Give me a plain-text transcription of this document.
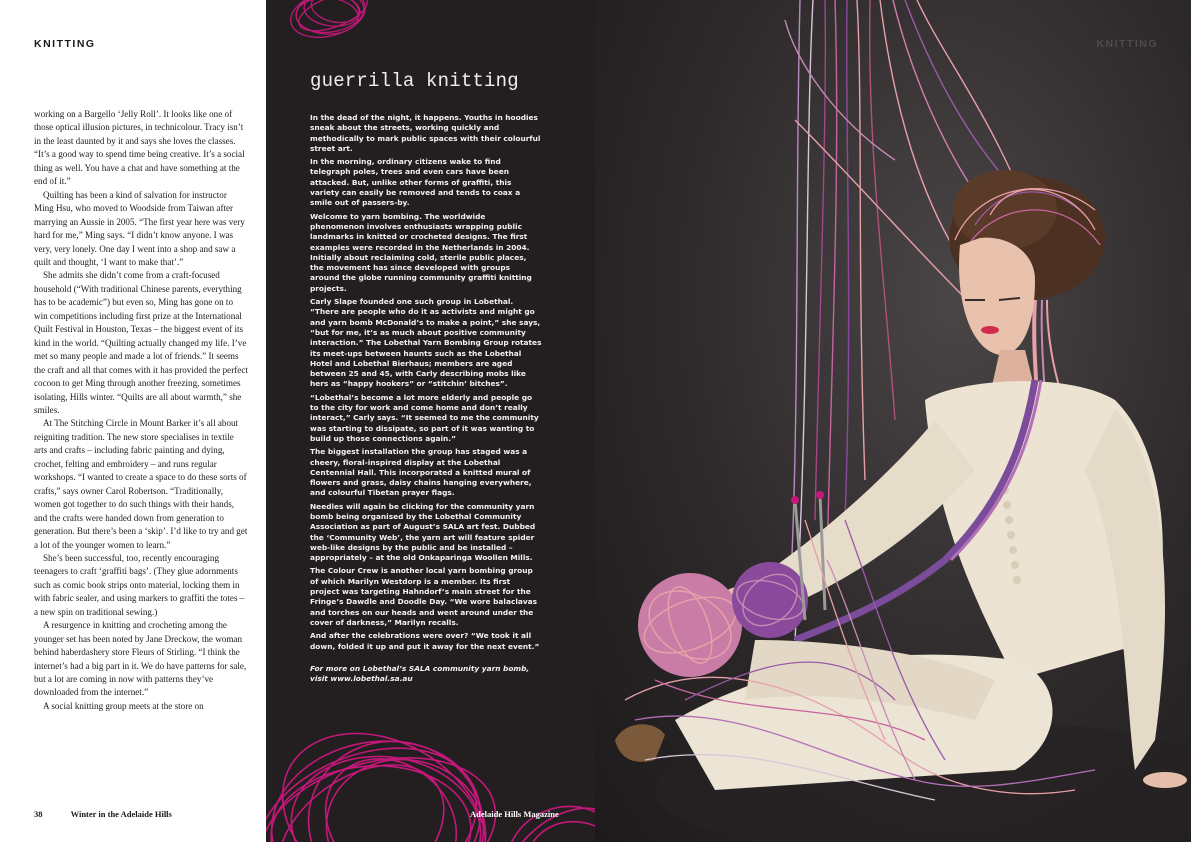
KNITTING

working on a Bargello ‘Jelly Roll’. It looks like one of those optical illusion pictures, in technicolour. Tracy isn’t in the least daunted by it and says she loves the classes. “It’s a good way to spend time being creative. It’s a social thing as well. You have a chat and have something at the end of it.”

Quilting has been a kind of salvation for instructor Ming Hsu, who moved to Woodside from Taiwan after marrying an Aussie in 2005. “The first year here was very hard for me,” Ming says. “I didn’t know anyone. I was very, very lonely. One day I went into a shop and saw a quilt and thought, ‘I want to make that’.”

She admits she didn’t come from a craft-focused household (“With traditional Chinese parents, everything has to be academic”) but even so, Ming has gone on to win competitions including first prize at the International Quilt Festival in Houston, Texas – the biggest event of its kind in the world. “Quilting actually changed my life. I’ve met so many people and made a lot of friends.” It seems the craft and all that comes with it has provided the perfect cocoon to get Ming through another freezing, sometimes isolating, Hills winter. “Quilts are all about warmth,” she smiles.

At The Stitching Circle in Mount Barker it’s all about reigniting tradition. The new store specialises in textile arts and crafts – including fabric painting and dying, crochet, felting and embroidery – and runs regular workshops. “I wanted to create a space to do these sorts of crafts,” says owner Carol Robertson. “Traditionally, women got together to do such things with their hands, and the crafts were handed down from generation to generation. But there’s been a ‘skip’. I’d like to try and get a lot of the younger women to learn.”

She’s been successful, too, recently encouraging teenagers to craft ‘graffiti bags’. (They glue adornments such as comic book strips onto material, locking them in with fabric sealer, and using markers to graffiti the totes – a new spin on traditional sewing.)

A resurgence in knitting and crocheting among the younger set has been noted by Jane Dreckow, the woman behind haberdashery store Fleurs of Stirling. “I think the internet’s had a big part in it. We do have patterns for sale, but a lot are coming in now with patterns they’ve downloaded from the internet.”

A social knitting group meets at the store on

38	Winter in the Adelaide Hills
guerrilla knitting

In the dead of the night, it happens. Youths in hoodies sneak about the streets, working quickly and methodically to mark public spaces with their colourful street art.

In the morning, ordinary citizens wake to find telegraph poles, trees and even cars have been attacked. But, unlike other forms of graffiti, this variety can easily be removed and tends to coax a smile out of passers-by.

Welcome to yarn bombing. The worldwide phenomenon involves enthusiasts wrapping public landmarks in knitted or crocheted designs. The first examples were recorded in the Netherlands in 2004. Initially about reclaiming cold, sterile public places, the movement has since developed with groups around the globe running community graffiti knitting projects.

Carly Slape founded one such group in Lobethal. “There are people who do it as activists and might go and yarn bomb McDonald’s to make a point,” she says, “but for me, it’s as much about positive community interaction.” The Lobethal Yarn Bombing Group rotates its meet-ups between haunts such as the Lobethal Hotel and Lobethal Bierhaus; members are aged between 25 and 45, with Carly describing mobs like hers as “happy hookers” or “stitchin’ bitches”.

“Lobethal’s become a lot more elderly and people go to the city for work and come home and don’t really interact,” Carly says. “It seemed to me the community was starting to dissipate, so part of it was wanting to build up those connections again.”

The biggest installation the group has staged was a cheery, floral-inspired display at the Lobethal Centennial Hall. This incorporated a knitted mural of flowers and grass, daisy chains hanging everywhere, and colourful Tibetan prayer flags.

Needles will again be clicking for the community yarn bomb being organised by the Lobethal Community Association as part of August’s SALA art fest. Dubbed the ‘Community Web’, the yarn art will feature spider web-like designs by the public and be installed – appropriately – at the old Onkaparinga Woollen Mills.

The Colour Crew is another local yarn bombing group of which Marilyn Westdorp is a member. Its first project was targeting Hahndorf’s main street for the Fringe’s Dawdle and Doodle Day. “We wore balaclavas and torches on our heads and went around under the cover of darkness,” Marilyn recalls.

And after the celebrations were over? “We took it all down, folded it up and put it away for the next event.”

For more on Lobethal’s SALA community yarn bomb, visit www.lobethal.sa.au

Adelaide Hills Magazine
KNITTING
